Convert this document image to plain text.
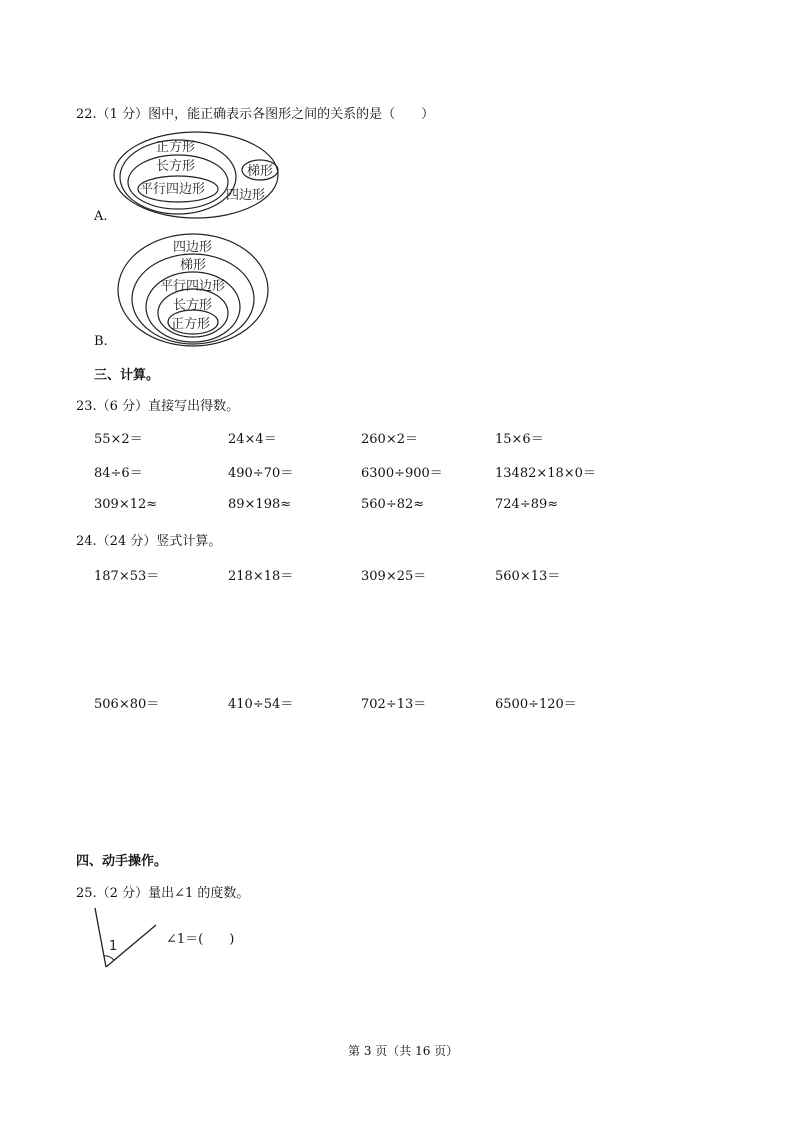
22.（1 分）图中，能正确表示各图形之间的关系的是（　　）
正方形
长方形
平行四边形
梯形
四边形
A.
四边形
梯形
平行四边形
长方形
正方形
B.
三、计算。
23.（6 分）直接写出得数。
55×2＝	24×4＝	260×2＝	15×6＝
84÷6＝	490÷70＝	6300÷900＝	13482×18×0＝
309×12≈	89×198≈	560÷82≈	724÷89≈
24.（24 分）竖式计算。
187×53＝	218×18＝	309×25＝	560×13＝
506×80＝	410÷54＝	702÷13＝	6500÷120＝
四、动手操作。
25.（2 分）量出∠1 的度数。
1	∠1＝(　　)
第 3 页（共 16 页）
